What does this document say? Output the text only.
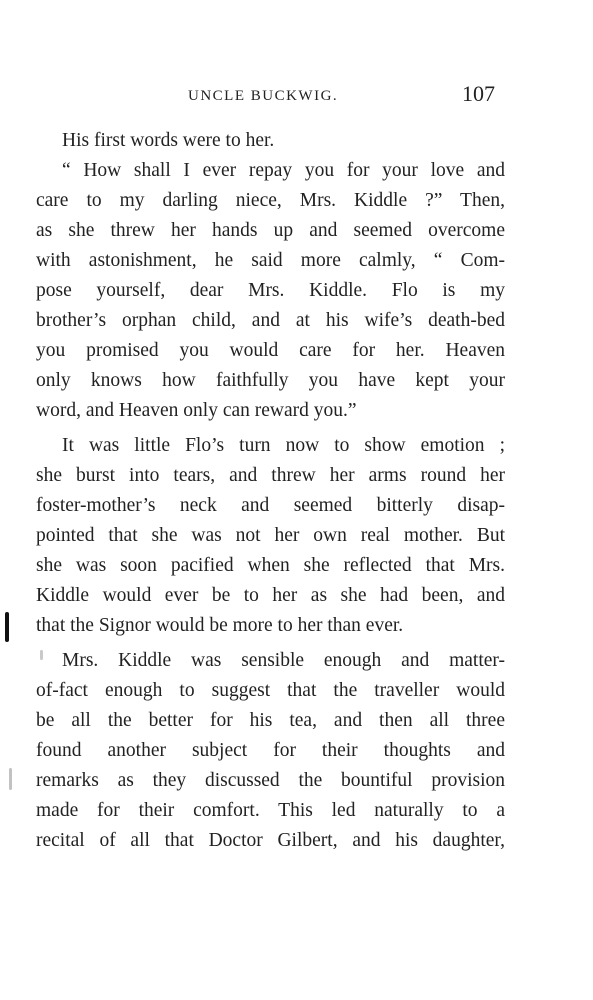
UNCLE BUCKWIG.	107
His first words were to her.
“ How shall I ever repay you for your love and
care to my darling niece, Mrs. Kiddle ?” Then,
as she threw her hands up and seemed overcome
with astonishment, he said more calmly, “ Com-
pose yourself, dear Mrs. Kiddle. Flo is my
brother’s orphan child, and at his wife’s death-bed
you promised you would care for her. Heaven
only knows how faithfully you have kept your
word, and Heaven only can reward you.”
It was little Flo’s turn now to show emotion ;
she burst into tears, and threw her arms round her
foster-mother’s neck and seemed bitterly disap-
pointed that she was not her own real mother. But
she was soon pacified when she reflected that Mrs.
Kiddle would ever be to her as she had been, and
that the Signor would be more to her than ever.
Mrs. Kiddle was sensible enough and matter-
of-fact enough to suggest that the traveller would
be all the better for his tea, and then all three
found another subject for their thoughts and
remarks as they discussed the bountiful provision
made for their comfort. This led naturally to a
recital of all that Doctor Gilbert, and his daughter,
